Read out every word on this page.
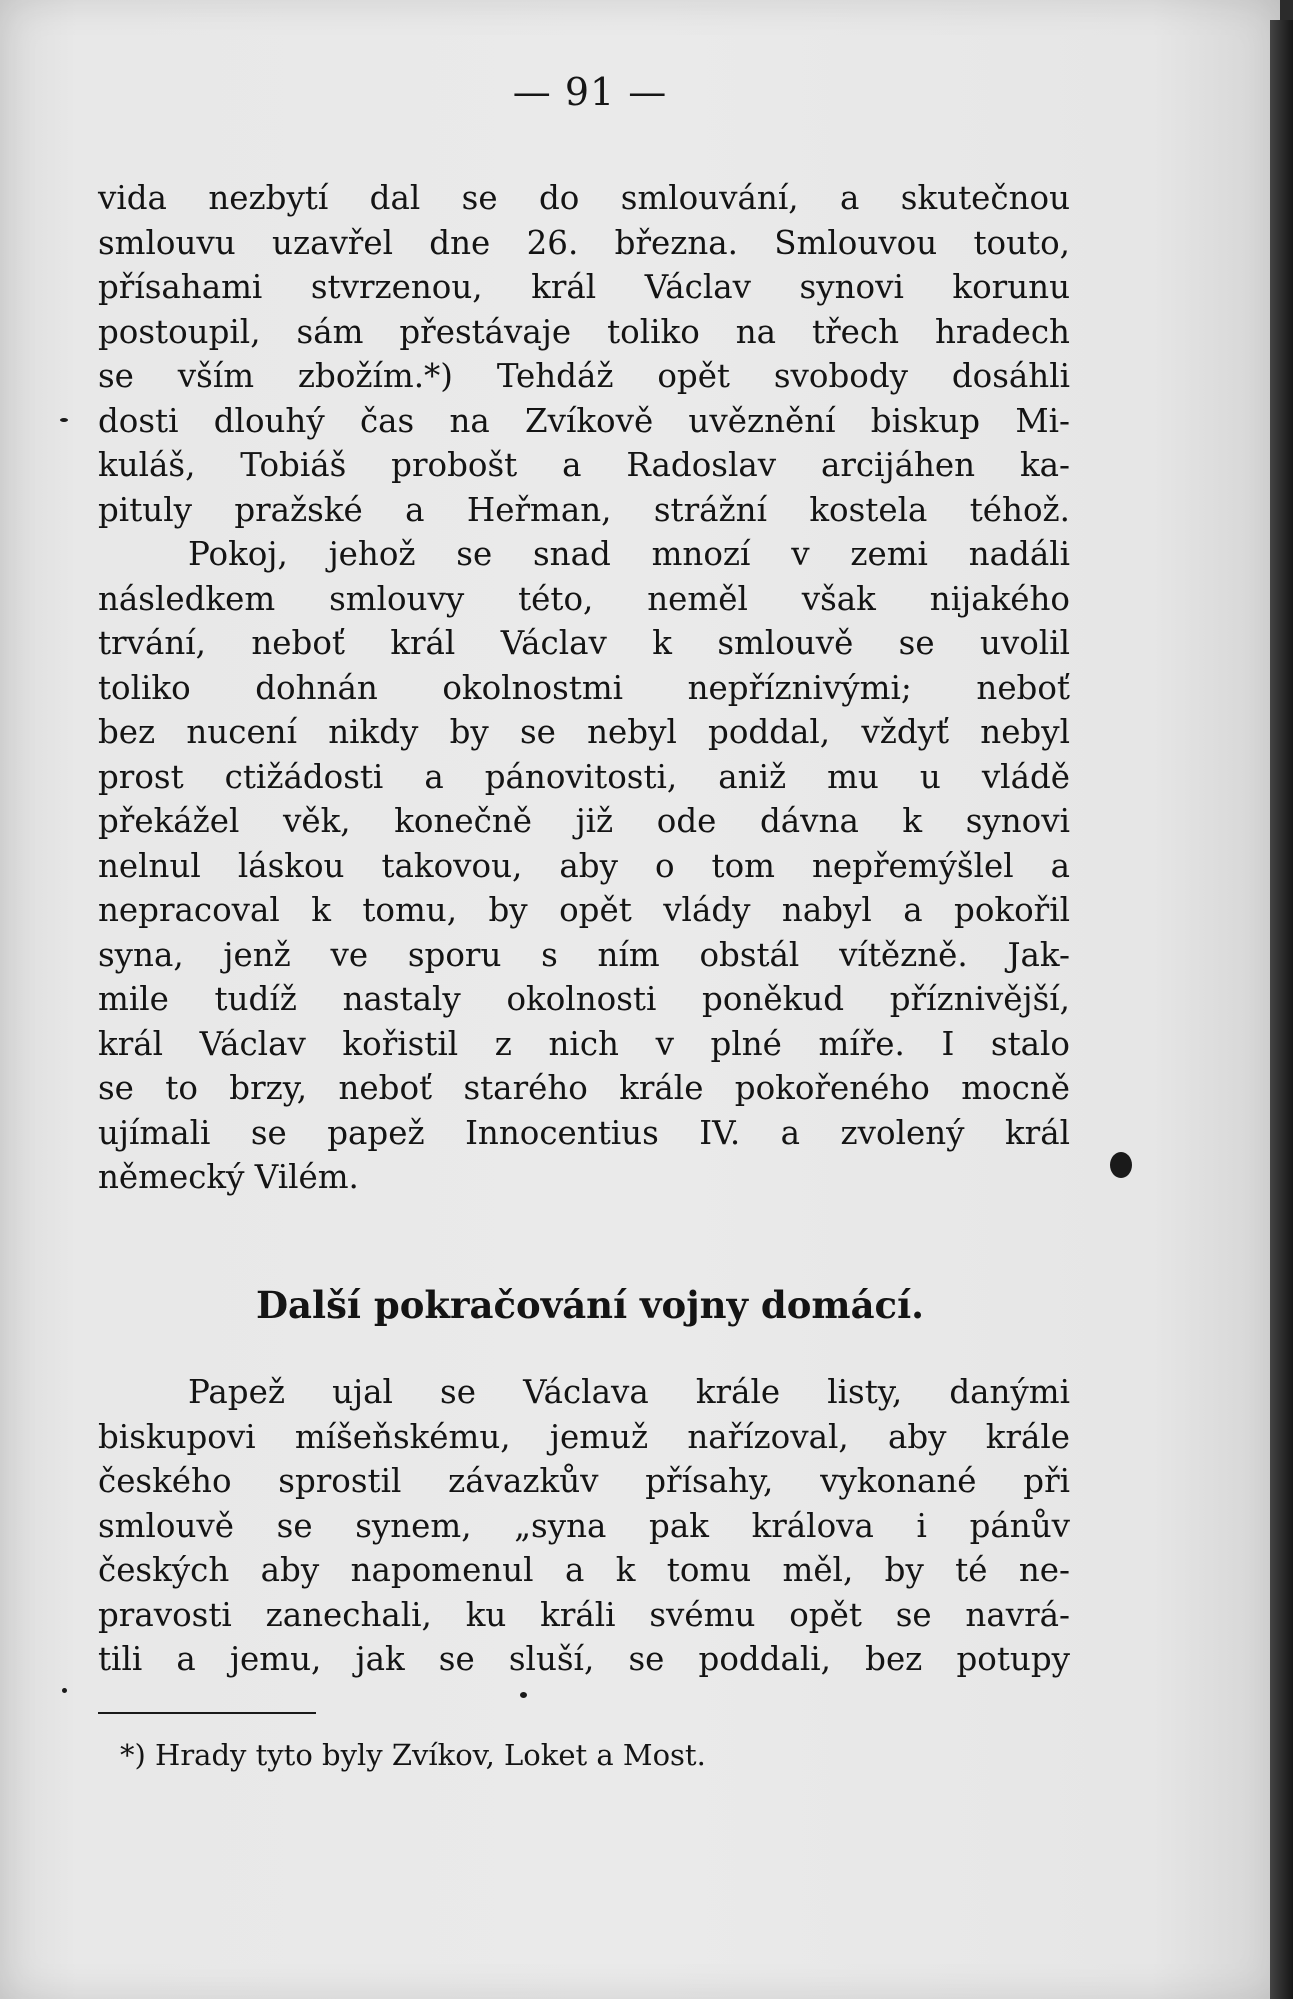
— 91 —
vida nezbytí dal se do smlouvání, a skutečnou
smlouvu uzavřel dne 26. března. Smlouvou touto,
přísahami stvrzenou, král Václav synovi korunu
postoupil, sám přestávaje toliko na třech hradech
se vším zbožím.*) Tehdáž opět svobody dosáhli
dosti dlouhý čas na Zvíkově uvěznění biskup Mi-
kuláš, Tobiáš probošt a Radoslav arcijáhen ka-
pituly pražské a Heřman, strážní kostela téhož.
Pokoj, jehož se snad mnozí v zemi nadáli
následkem smlouvy této, neměl však nijakého
trvání, neboť král Václav k smlouvě se uvolil
toliko dohnán okolnostmi nepříznivými; neboť
bez nucení nikdy by se nebyl poddal, vždyť nebyl
prost ctižádosti a pánovitosti, aniž mu u vládě
překážel věk, konečně již ode dávna k synovi
nelnul láskou takovou, aby o tom nepřemýšlel a
nepracoval k tomu, by opět vlády nabyl a pokořil
syna, jenž ve sporu s ním obstál vítězně. Jak-
mile tudíž nastaly okolnosti poněkud příznivější,
král Václav kořistil z nich v plné míře. I stalo
se to brzy, neboť starého krále pokořeného mocně
ujímali se papež Innocentius IV. a zvolený král
německý Vilém.
Další pokračování vojny domácí.
Papež ujal se Václava krále listy, danými
biskupovi míšeňskému, jemuž nařízoval, aby krále
českého sprostil závazkův přísahy, vykonané při
smlouvě se synem, „syna pak králova i pánův
českých aby napomenul a k tomu měl, by té ne-
pravosti zanechali, ku králi svému opět se navrá-
tili a jemu, jak se sluší, se poddali, bez potupy
*) Hrady tyto byly Zvíkov, Loket a Most.
